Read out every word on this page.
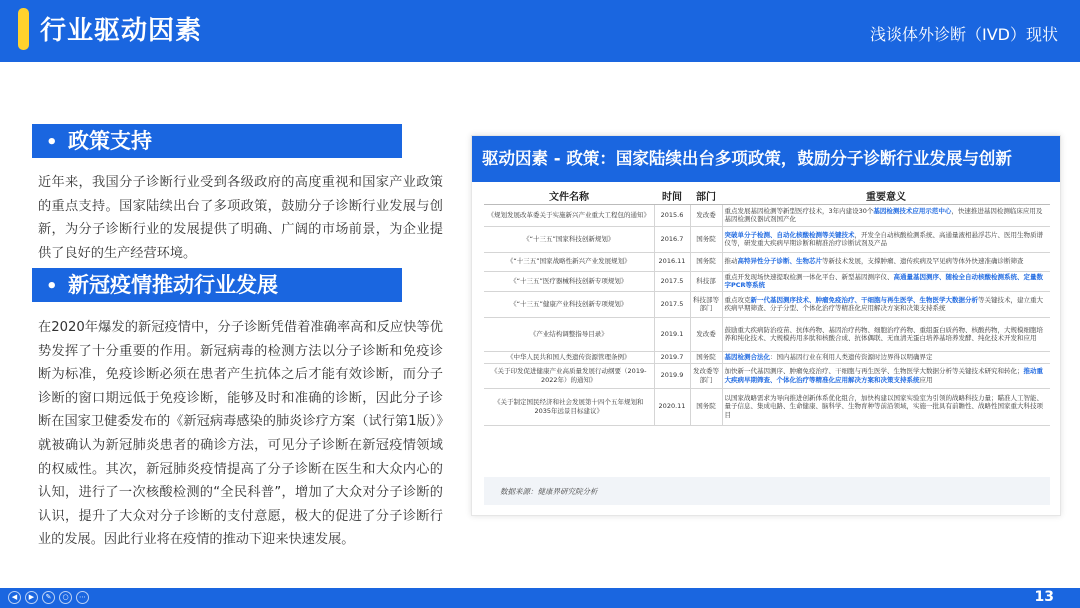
行业驱动因素	浅谈体外诊断（IVD）现状
• 政策支持
近年来，我国分子诊断行业受到各级政府的高度重视和国家产业政策的重点支持。国家陆续出台了多项政策，鼓励分子诊断行业发展与创新，为分子诊断行业的发展提供了明确、广阔的市场前景，为企业提供了良好的生产经营环境。
• 新冠疫情推动行业发展
在2020年爆发的新冠疫情中，分子诊断凭借着准确率高和反应快等优势发挥了十分重要的作用。新冠病毒的检测方法以分子诊断和免疫诊断为标准，免疫诊断必须在患者产生抗体之后才能有效诊断，而分子诊断的窗口期远低于免疫诊断，能够及时和准确的诊断，因此分子诊断在国家卫健委发布的《新冠病毒感染的肺炎诊疗方案（试行第1版）》就被确认为新冠肺炎患者的确诊方法，可见分子诊断在新冠疫情领域的权威性。其次，新冠肺炎疫情提高了分子诊断在医生和大众内心的认知，进行了一次核酸检测的“全民科普”，增加了大众对分子诊断的认识，提升了大众对分子诊断的支付意愿，极大的促进了分子诊断行业的发展。因此行业将在疫情的推动下迎来快速发展。
驱动因素 - 政策：国家陆续出台多项政策，鼓励分子诊断行业发展与创新
文件名称	时间	部门	重要意义
《规划发展改革委关于实施新兴产业重大工程包的通知》	2015.6	发改委	重点发展基因检测等新型医疗技术，3年内建设30个基因检测技术应用示范中心，快速推进基因检测临床应用及基因检测仪器试剂国产化
《“十三五”国家科技创新规划》	2016.7	国务院	突破单分子检测、自动化核酸检测等关键技术，开发全自动核酸检测系统、高通量液相悬浮芯片、医用生物质谱仪等，研发重大疾病早期诊断和精准治疗诊断试剂及产品
《“十三五”国家战略性新兴产业发展规划》	2016.11	国务院	推动高特异性分子诊断、生物芯片等新技术发展，支撑肿瘤、遗传疾病及罕见病等体外快速准确诊断筛查
《“十三五”医疗器械科技创新专项规划》	2017.5	科技部	重点开发现场快速提取检测一体化平台、新型基因测序仪、高通量基因测序、随检全自动核酸检测系统、定量数字PCR等系统
《“十三五”健康产业科技创新专项规划》	2017.5	科技部等部门	重点攻克新一代基因测序技术、肿瘤免疫治疗、干细胞与再生医学、生物医学大数据分析等关键技术，建立重大疾病早期筛查、分子分型、个体化治疗等精准化应用解决方案和决策支持系统
《产业结构调整指导目录》	2019.1	发改委	鼓励重大疾病防治疫苗、抗体药物、基因治疗药物、细胞治疗药物、重组蛋白质药物、核酸药物，大规模细胞培养和纯化技术、大规模药用多肽和核酸合成、抗体偶联、无血清无蛋白培养基培养发酵、纯化技术开发和应用
《中华人民共和国人类遗传资源管理条例》	2019.7	国务院	基因检测合法化：国内基因行业在利用人类遗传资源时边界得以明确界定
《关于印发促进健康产业高质量发展行动纲要（2019-2022年）的通知》	2019.9	发改委等部门	加快新一代基因测序、肿瘤免疫治疗、干细胞与再生医学、生物医学大数据分析等关键技术研究和转化；推动重大疾病早期筛查、个体化治疗等精准化应用解决方案和决策支持系统应用
《关于制定国民经济和社会发展第十四个五年规划和2035年远景目标建议》	2020.11	国务院	以国家战略需求为导向推进创新体系优化组合，加快构建以国家实验室为引领的战略科技力量；瞄准人工智能、量子信息、集成电路、生命健康、脑科学、生物育种等前沿领域，实施一批具有前瞻性、战略性国家重大科技项目
数据来源：健康界研究院分析
◀	▶	✎	○	⋯	13
